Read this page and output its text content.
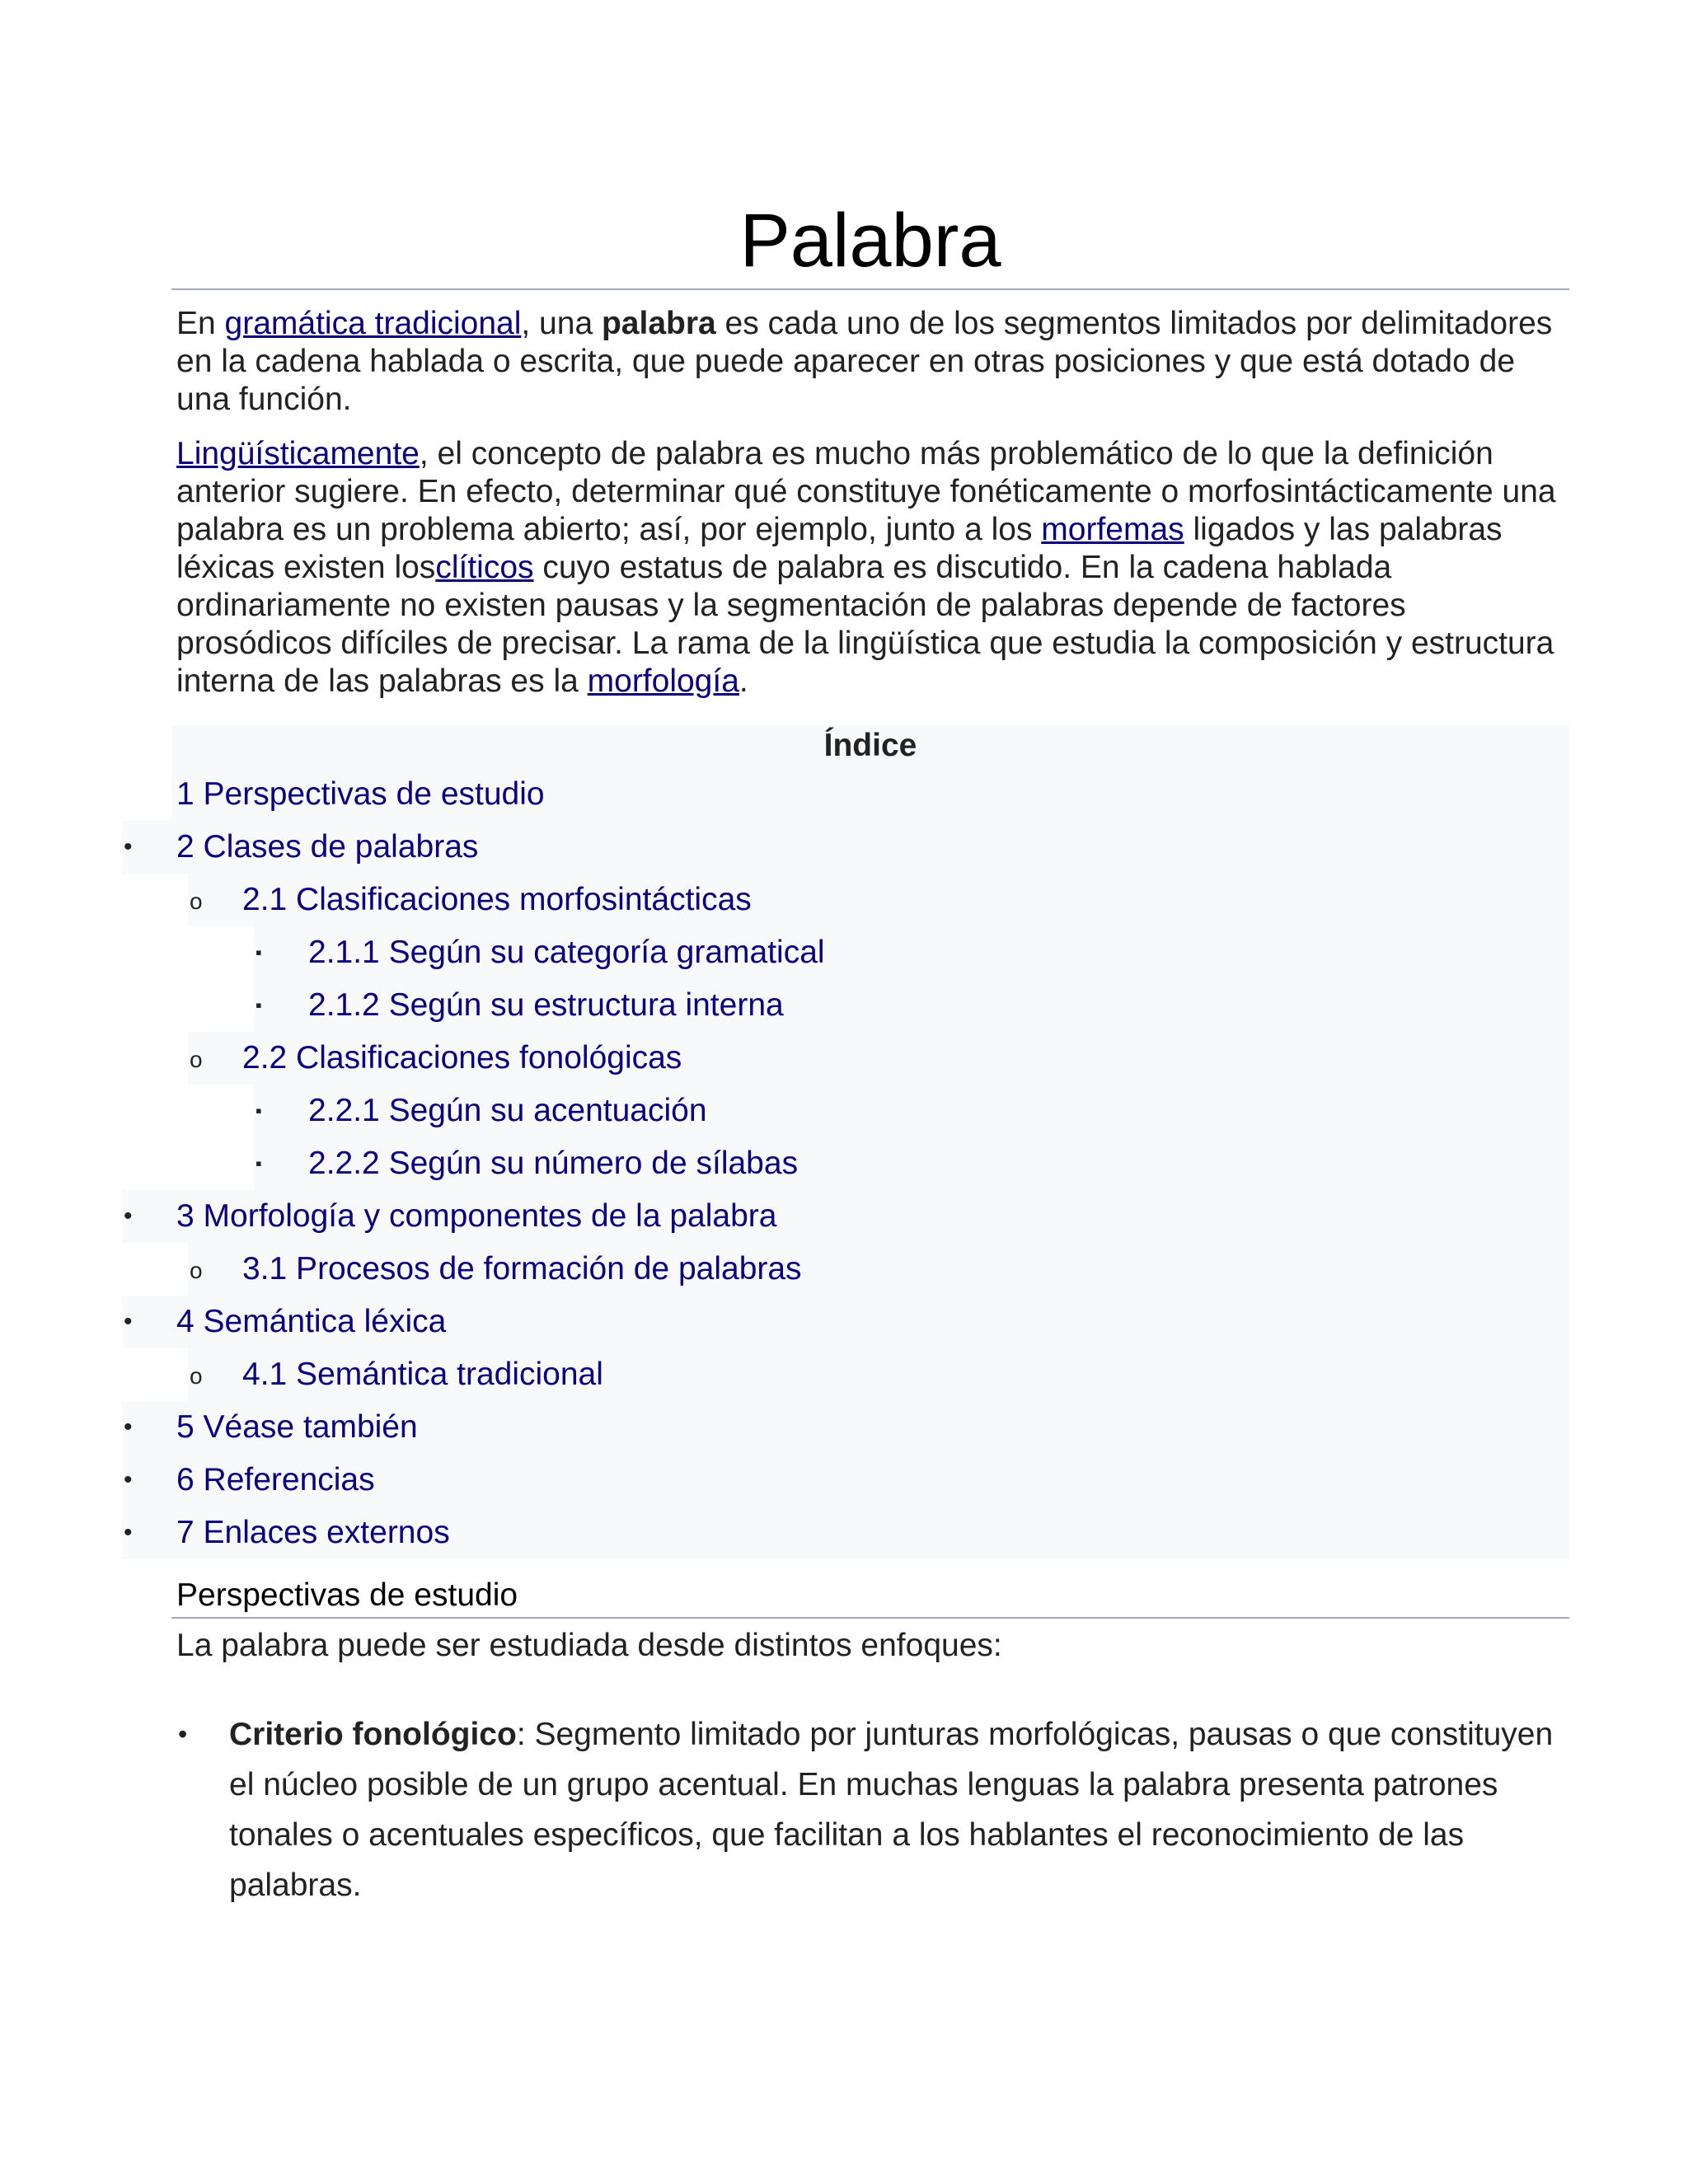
Palabra

En gramática tradicional, una palabra es cada uno de los segmentos limitados por delimitadores en la cadena hablada o escrita, que puede aparecer en otras posiciones y que está dotado de una función.

Lingüísticamente, el concepto de palabra es mucho más problemático de lo que la definición anterior sugiere. En efecto, determinar qué constituye fonéticamente o morfosintácticamente una palabra es un problema abierto; así, por ejemplo, junto a los morfemas ligados y las palabras léxicas existen losclíticos cuyo estatus de palabra es discutido. En la cadena hablada ordinariamente no existen pausas y la segmentación de palabras depende de factores prosódicos difíciles de precisar. La rama de la lingüística que estudia la composición y estructura interna de las palabras es la morfología.

Índice
1 Perspectivas de estudio
• 2 Clases de palabras
o 2.1 Clasificaciones morfosintácticas
▪ 2.1.1 Según su categoría gramatical
▪ 2.1.2 Según su estructura interna
o 2.2 Clasificaciones fonológicas
▪ 2.2.1 Según su acentuación
▪ 2.2.2 Según su número de sílabas
• 3 Morfología y componentes de la palabra
o 3.1 Procesos de formación de palabras
• 4 Semántica léxica
o 4.1 Semántica tradicional
• 5 Véase también
• 6 Referencias
• 7 Enlaces externos
Perspectivas de estudio

La palabra puede ser estudiada desde distintos enfoques:

• Criterio fonológico: Segmento limitado por junturas morfológicas, pausas o que constituyen el núcleo posible de un grupo acentual. En muchas lenguas la palabra presenta patrones tonales o acentuales específicos, que facilitan a los hablantes el reconocimiento de las palabras.
